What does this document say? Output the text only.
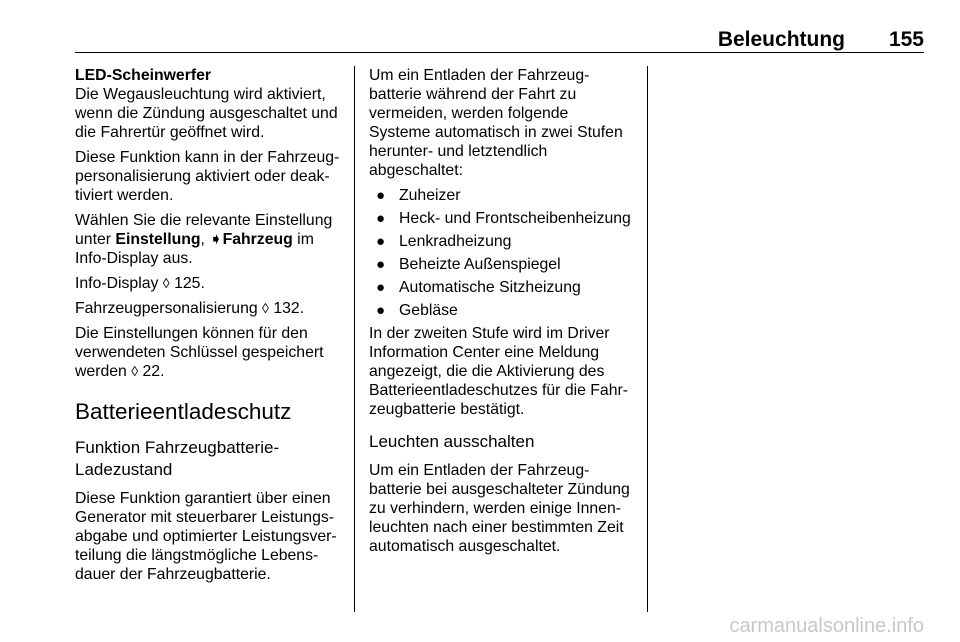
Beleuchtung 155

LED-Scheinwerfer

Die Wegausleuchtung wird aktiviert, wenn die Zündung ausgeschaltet und die Fahrertür geöffnet wird.

Diese Funktion kann in der Fahrzeugpersonalisierung aktiviert oder deaktiviert werden.

Wählen Sie die relevante Einstellung unter Einstellung, ➧Fahrzeug im Info-Display aus.

Info-Display ◊ 125.

Fahrzeugpersonalisierung ◊ 132.

Die Einstellungen können für den verwendeten Schlüssel gespeichert werden ◊ 22.

Batterieentladeschutz
Funktion FahrzeugbatterieLadezustand

Diese Funktion garantiert über einen Generator mit steuerbarer Leistungsabgabe und optimierter Leistungsverteilung die längstmögliche Lebensdauer der Fahrzeugbatterie.

Um ein Entladen der Fahrzeugbatterie während der Fahrt zu vermeiden, werden folgende Systeme automatisch in zwei Stufen herunter- und letztendlich abgeschaltet:

● Zuheizer
● Heck- und Frontscheibenheizung
● Lenkradheizung
● Beheizte Außenspiegel
● Automatische Sitzheizung
● Gebläse

In der zweiten Stufe wird im Driver Information Center eine Meldung angezeigt, die die Aktivierung des Batterieentladeschutzes für die Fahrzeugbatterie bestätigt.

Leuchten ausschalten

Um ein Entladen der Fahrzeugbatterie bei ausgeschalteter Zündung zu verhindern, werden einige Innenleuchten nach einer bestimmten Zeit automatisch ausgeschaltet.

carmanualsonline.info
